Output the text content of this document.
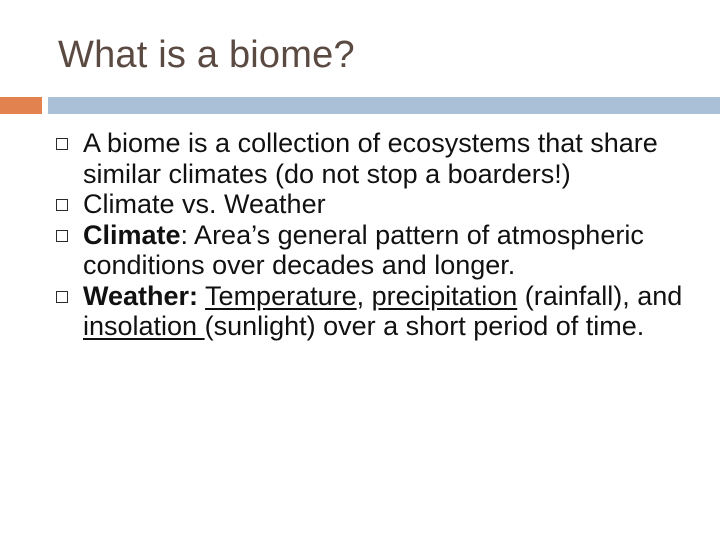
What is a biome?
A biome is a collection of ecosystems that share similar climates (do not stop a boarders!)
Climate vs. Weather
Climate: Area’s general pattern of atmospheric conditions over decades and longer.
Weather: Temperature, precipitation (rainfall), and insolation (sunlight) over a short period of time.
